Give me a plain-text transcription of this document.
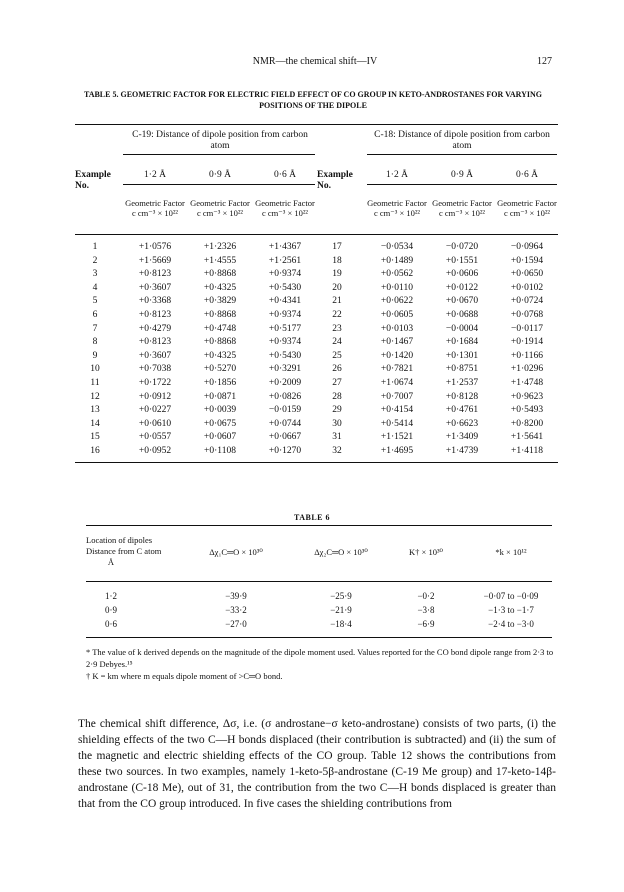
NMR—the chemical shift—IV	127
TABLE 5. GEOMETRIC FACTOR FOR ELECTRIC FIELD EFFECT OF CO GROUP IN KETO-ANDROSTANES FOR VARYING POSITIONS OF THE DIPOLE
C-19: Distance of dipole position from carbon atom
C-18: Distance of dipole position from carbon atom
Example No.
1·2 Å	0·9 Å	0·6 Å	Example No.
1·2 Å	0·9 Å	0·6 Å
Geometric Factor c cm⁻³ × 10²²
Geometric Factor c cm⁻³ × 10²²
Geometric Factor c cm⁻³ × 10²²
Geometric Factor c cm⁻³ × 10²²
Geometric Factor c cm⁻³ × 10²²
Geometric Factor c cm⁻³ × 10²²
1	+1·0576	+1·2326	+1·4367	17	−0·0534	−0·0720	−0·0964
2	+1·5669	+1·4555	+1·2561	18	+0·1489	+0·1551	+0·1594
3	+0·8123	+0·8868	+0·9374	19	+0·0562	+0·0606	+0·0650
4	+0·3607	+0·4325	+0·5430	20	+0·0110	+0·0122	+0·0102
5	+0·3368	+0·3829	+0·4341	21	+0·0622	+0·0670	+0·0724
6	+0·8123	+0·8868	+0·9374	22	+0·0605	+0·0688	+0·0768
7	+0·4279	+0·4748	+0·5177	23	+0·0103	−0·0004	−0·0117
8	+0·8123	+0·8868	+0·9374	24	+0·1467	+0·1684	+0·1914
9	+0·3607	+0·4325	+0·5430	25	+0·1420	+0·1301	+0·1166
10	+0·7038	+0·5270	+0·3291	26	+0·7821	+0·8751	+1·0296
11	+0·1722	+0·1856	+0·2009	27	+1·0674	+1·2537	+1·4748
12	+0·0912	+0·0871	+0·0826	28	+0·7007	+0·8128	+0·9623
13	+0·0227	+0·0039	−0·0159	29	+0·4154	+0·4761	+0·5493
14	+0·0610	+0·0675	+0·0744	30	+0·5414	+0·6623	+0·8200
15	+0·0557	+0·0607	+0·0667	31	+1·1521	+1·3409	+1·5641
16	+0·0952	+0·1108	+0·1270	32	+1·4695	+1·4739	+1·4118
TABLE 6
Location of dipoles
Distance from C atom
Å
Δχ₁C═O × 10³⁰	Δχ₂C═O × 10³⁰	K† × 10³⁰	*k × 10¹²
1·2	−39·9	−25·9	−0·2	−0·07 to −0·09
0·9	−33·2	−21·9	−3·8	−1·3 to −1·7
0·6	−27·0	−18·4	−6·9	−2·4 to −3·0

* The value of k derived depends on the magnitude of the dipole moment used. Values reported for the CO bond dipole range from 2·3 to 2·9 Debyes.¹⁵

† K = km where m equals dipole moment of >C═O bond.

The chemical shift difference, Δσ, i.e. (σ androstane−σ keto-androstane) consists of two parts, (i) the shielding effects of the two C—H bonds displaced (their contribution is subtracted) and (ii) the sum of the magnetic and electric shielding effects of the CO group. Table 12 shows the contributions from these two sources. In two examples, namely 1-keto-5β-androstane (C-19 Me group) and 17-keto-14β-androstane (C-18 Me), out of 31, the contribution from the two C—H bonds displaced is greater than that from the CO group introduced. In five cases the shielding contributions from
